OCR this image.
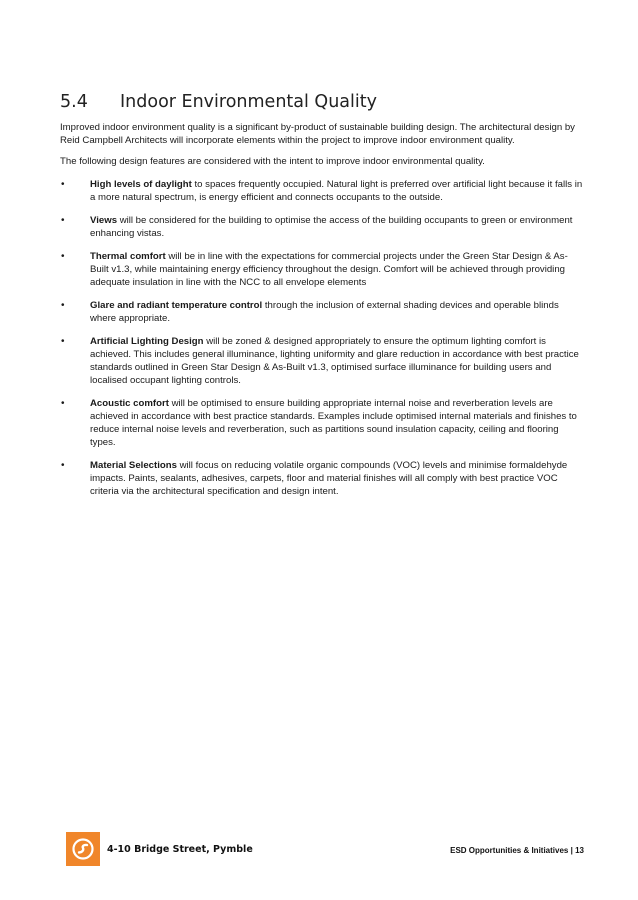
5.4 Indoor Environmental Quality

Improved indoor environment quality is a significant by-product of sustainable building design. The architectural design by Reid Campbell Architects will incorporate elements within the project to improve indoor environment quality.

The following design features are considered with the intent to improve indoor environmental quality.

•	High levels of daylight to spaces frequently occupied. Natural light is preferred over artificial light because it falls in a more natural spectrum, is energy efficient and connects occupants to the outside.
•	Views will be considered for the building to optimise the access of the building occupants to green or environment enhancing vistas.
•	Thermal comfort will be in line with the expectations for commercial projects under the Green Star Design & As-Built v1.3, while maintaining energy efficiency throughout the design. Comfort will be achieved through providing adequate insulation in line with the NCC to all envelope elements
•	Glare and radiant temperature control through the inclusion of external shading devices and operable blinds where appropriate.
•	Artificial Lighting Design will be zoned & designed appropriately to ensure the optimum lighting comfort is achieved. This includes general illuminance, lighting uniformity and glare reduction in accordance with best practice standards outlined in Green Star Design & As-Built v1.3, optimised surface illuminance for building users and localised occupant lighting controls.
•	Acoustic comfort will be optimised to ensure building appropriate internal noise and reverberation levels are achieved in accordance with best practice standards. Examples include optimised internal materials and finishes to reduce internal noise levels and reverberation, such as partitions sound insulation capacity, ceiling and flooring types.
•	Material Selections will focus on reducing volatile organic compounds (VOC) levels and minimise formaldehyde impacts. Paints, sealants, adhesives, carpets, floor and material finishes will all comply with best practice VOC criteria via the architectural specification and design intent.
4-10 Bridge Street, Pymble	ESD Opportunities & Initiatives | 13
